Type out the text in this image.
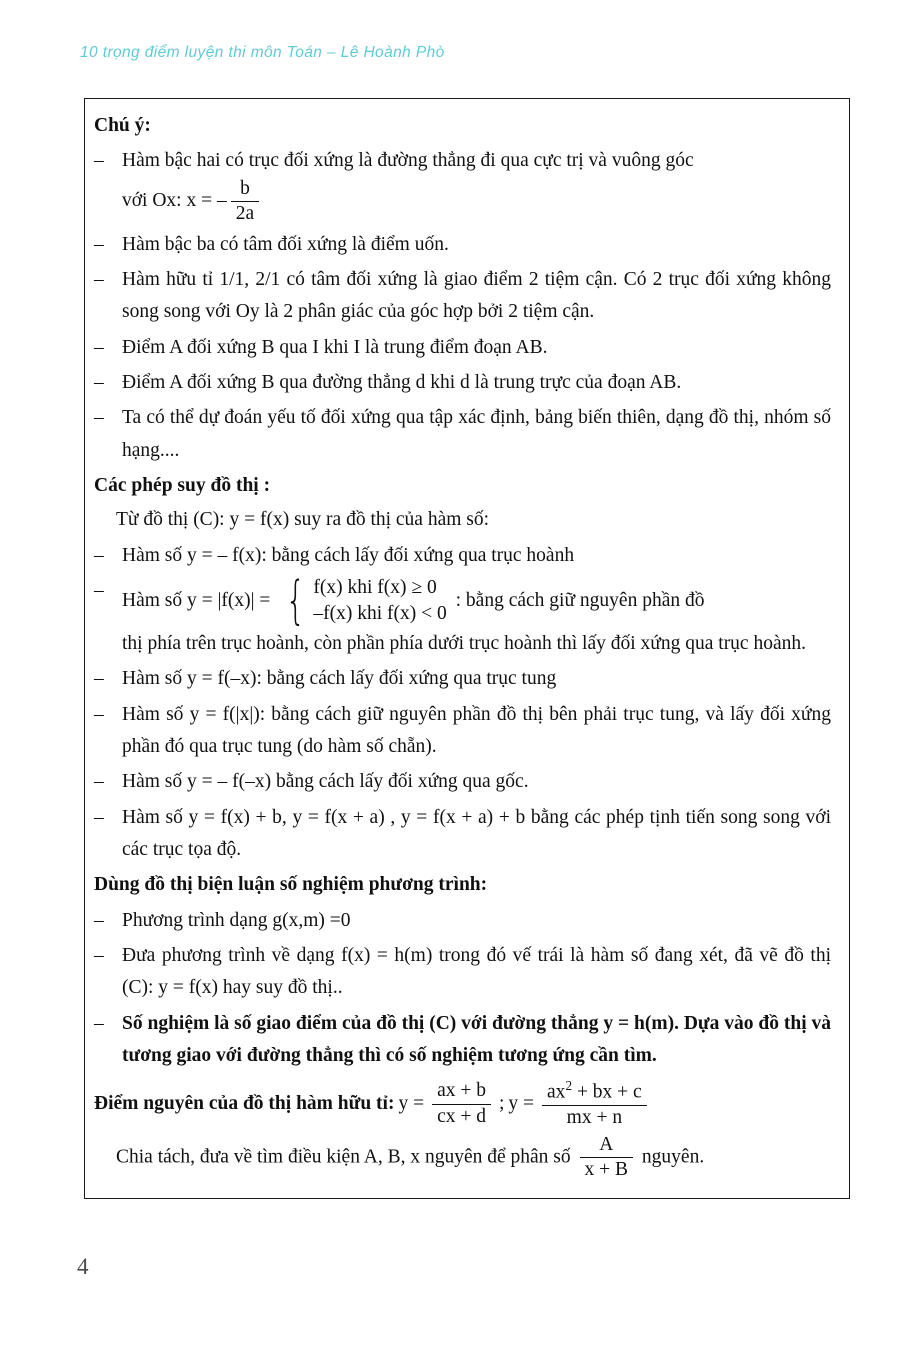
10 trọng điểm luyện thi môn Toán – Lê Hoành Phò

Chú ý:

– Hàm bậc hai có trục đối xứng là đường thẳng đi qua cực trị và vuông góc

với Ox: x = – $\frac{b}{2a}$
– Hàm bậc ba có tâm đối xứng là điểm uốn.
– Hàm hữu tỉ 1/1, 2/1 có tâm đối xứng là giao điểm 2 tiệm cận. Có 2 trục đối xứng không song song với Oy là 2 phân giác của góc hợp bởi 2 tiệm cận.
– Điểm A đối xứng B qua I khi I là trung điểm đoạn AB.
– Điểm A đối xứng B qua đường thẳng d khi d là trung trực của đoạn AB.
– Ta có thể dự đoán yếu tố đối xứng qua tập xác định, bảng biến thiên, dạng đồ thị, nhóm số hạng....

Các phép suy đồ thị :

Từ đồ thị (C): y = f(x) suy ra đồ thị của hàm số:

– Hàm số y = – f(x): bằng cách lấy đối xứng qua trục hoành
– Hàm số y = |f(x)| = { f(x) khi f(x) ≥ 0
–f(x) khi f(x) < 0
: bằng cách giữ nguyên phần đồ
thị phía trên trục hoành, còn phần phía dưới trục hoành thì lấy đối xứng qua trục hoành.
– Hàm số y = f(–x): bằng cách lấy đối xứng qua trục tung
– Hàm số y = f(|x|): bằng cách giữ nguyên phần đồ thị bên phải trục tung, và lấy đối xứng phần đó qua trục tung (do hàm số chẵn).
– Hàm số y = – f(–x) bằng cách lấy đối xứng qua gốc.
– Hàm số y = f(x) + b, y = f(x + a) , y = f(x + a) + b bằng các phép tịnh tiến song song với các trục tọa độ.

Dùng đồ thị biện luận số nghiệm phương trình:

– Phương trình dạng g(x,m) =0
– Đưa phương trình về dạng f(x) = h(m) trong đó vế trái là hàm số đang xét, đã vẽ đồ thị (C): y = f(x) hay suy đồ thị..
– Số nghiệm là số giao điểm của đồ thị (C) với đường thẳng y = h(m). Dựa vào đồ thị và tương giao với đường thẳng thì có số nghiệm tương ứng cần tìm.
Điểm nguyên của đồ thị hàm hữu tỉ: $y = \frac{ax + b}{cx + d}$ ; $y = \frac{ax^2 + bx + c}{mx + n}$
Chia tách, đưa về tìm điều kiện A, B, x nguyên để phân số $\frac{A}{x + B}$ nguyên.
4
